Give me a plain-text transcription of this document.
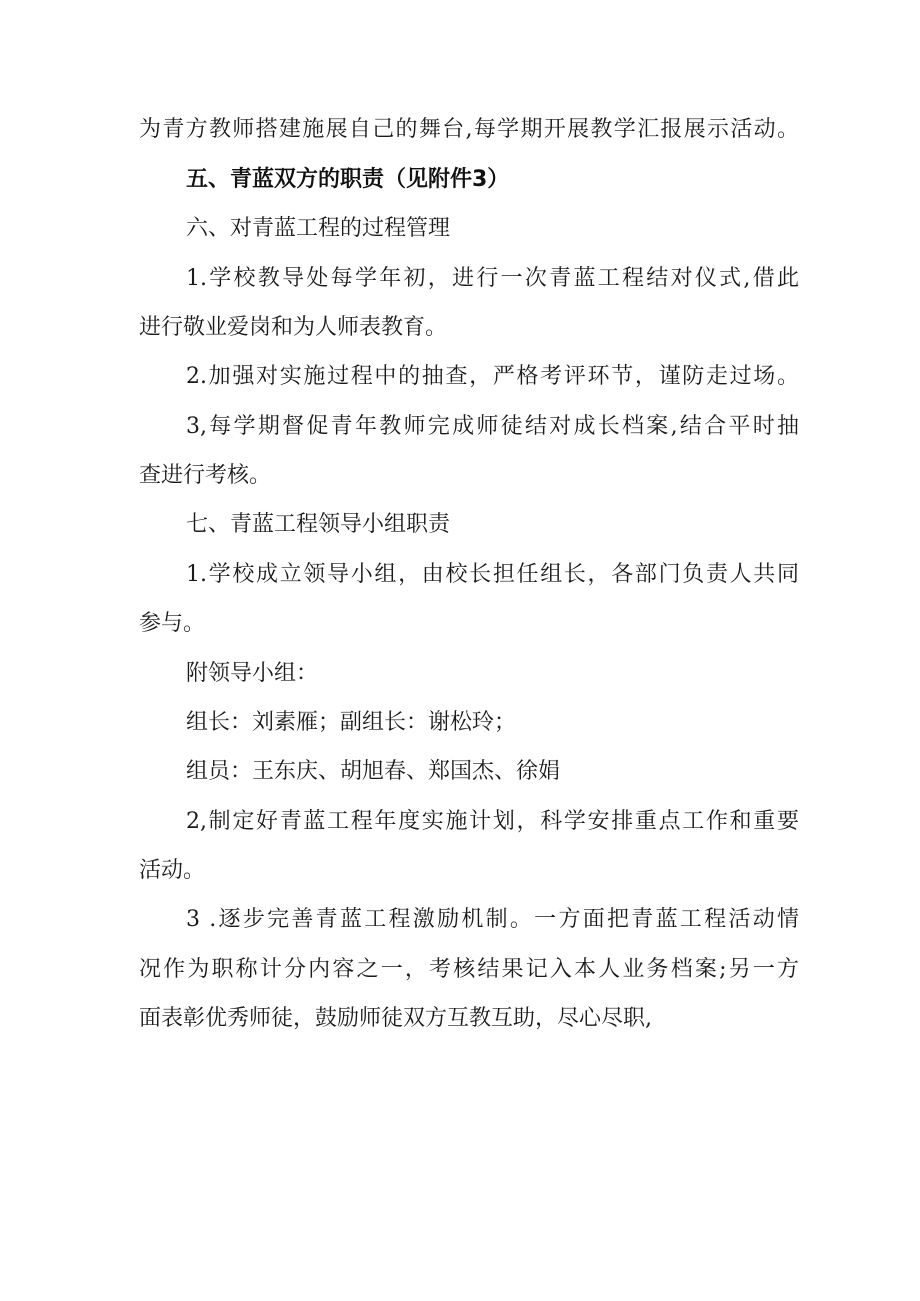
为青方教师搭建施展自己的舞台,每学期开展教学汇报展示活动。
五、青蓝双方的职责（见附件3）
六、对青蓝工程的过程管理
1.学校教导处每学年初，进行一次青蓝工程结对仪式,借此
进行敬业爱岗和为人师表教育。
2.加强对实施过程中的抽查，严格考评环节，谨防走过场。
3,每学期督促青年教师完成师徒结对成长档案,结合平时抽
查进行考核。
七、青蓝工程领导小组职责
1.学校成立领导小组，由校长担任组长，各部门负责人共同
参与。
附领导小组：
组长：刘素雁；副组长：谢松玲；
组员：王东庆、胡旭春、郑国杰、徐娟
2,制定好青蓝工程年度实施计划，科学安排重点工作和重要
活动。
3 .逐步完善青蓝工程激励机制。一方面把青蓝工程活动情
况作为职称计分内容之一，考核结果记入本人业务档案;另一方
面表彰优秀师徒，鼓励师徒双方互教互助，尽心尽职,
